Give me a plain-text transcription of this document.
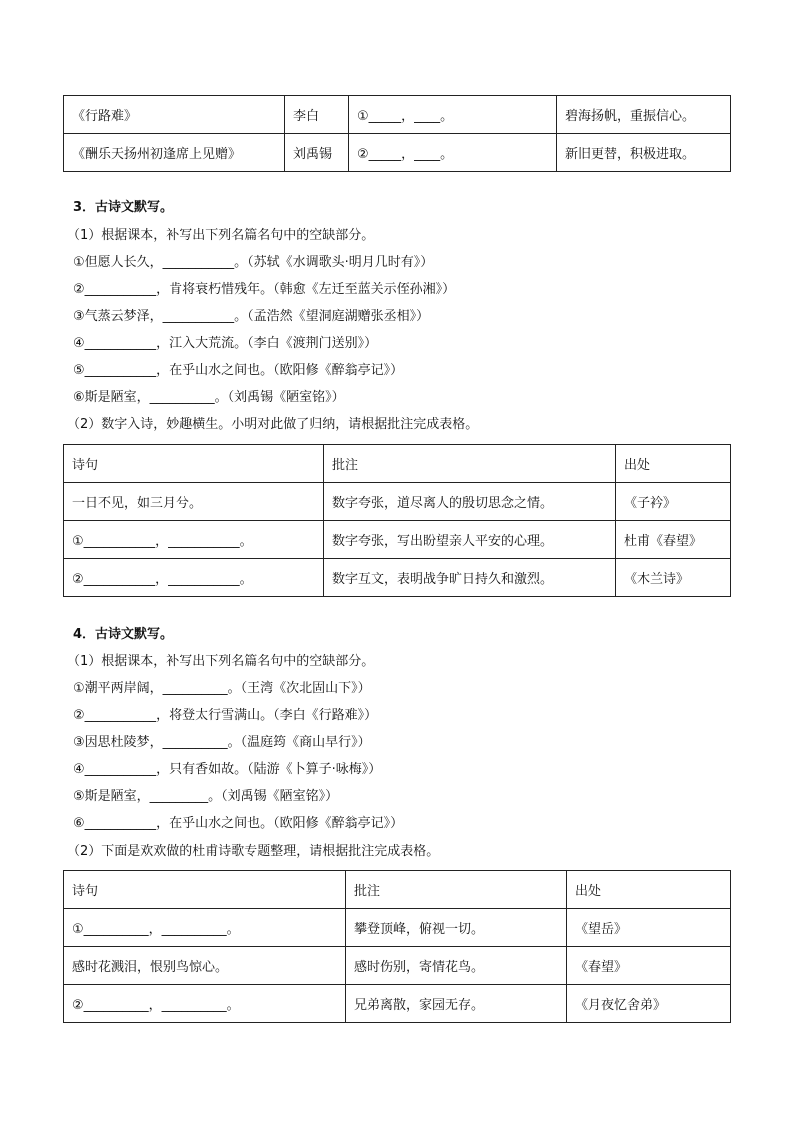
《行路难》	李白	①_____，____。	碧海扬帆，重振信心。
《酬乐天扬州初逢席上见赠》	刘禹锡	②_____，____。	新旧更替，积极进取。
3．古诗文默写。
（1）根据课本，补写出下列名篇名句中的空缺部分。
①但愿人长久，___________。（苏轼《水调歌头·明月几时有》）
②___________，肯将衰朽惜残年。（韩愈《左迁至蓝关示侄孙湘》）
③气蒸云梦泽，___________。（孟浩然《望洞庭湖赠张丞相》）
④___________，江入大荒流。（李白《渡荆门送别》）
⑤___________，在乎山水之间也。（欧阳修《醉翁亭记》）
⑥斯是陋室，__________。（刘禹锡《陋室铭》）
（2）数字入诗，妙趣横生。小明对此做了归纳，请根据批注完成表格。
诗句	批注	出处
一日不见，如三月兮。	数字夸张，道尽离人的殷切思念之情。	《子衿》
①___________，___________。	数字夸张，写出盼望亲人平安的心理。	杜甫《春望》
②___________，___________。	数字互文，表明战争旷日持久和激烈。	《木兰诗》
4．古诗文默写。
（1）根据课本，补写出下列名篇名句中的空缺部分。
①潮平两岸阔，__________。（王湾《次北固山下》）
②___________，将登太行雪满山。（李白《行路难》）
③因思杜陵梦，__________。（温庭筠《商山早行》）
④___________，只有香如故。（陆游《卜算子·咏梅》）
⑤斯是陋室，_________。（刘禹锡《陋室铭》）
⑥___________，在乎山水之间也。（欧阳修《醉翁亭记》）
（2）下面是欢欢做的杜甫诗歌专题整理，请根据批注完成表格。
诗句	批注	出处
①__________，__________。	攀登顶峰，俯视一切。	《望岳》
感时花溅泪，恨别鸟惊心。	感时伤别，寄情花鸟。	《春望》
②__________，__________。	兄弟离散，家园无存。	《月夜忆舍弟》
